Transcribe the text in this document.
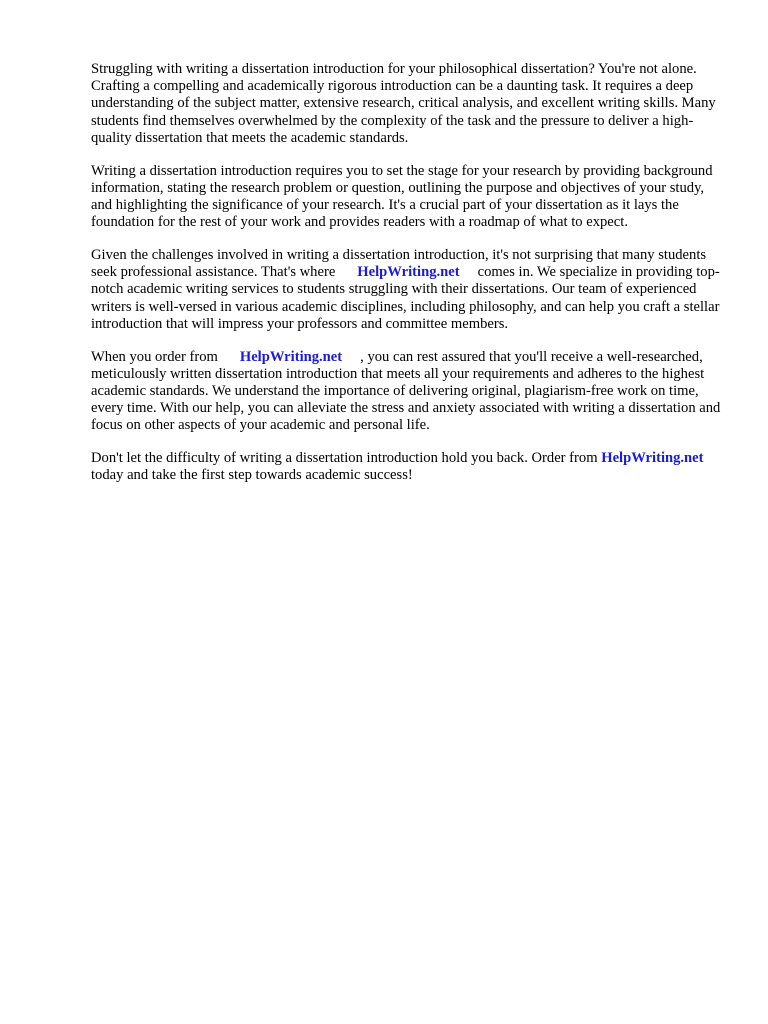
Struggling with writing a dissertation introduction for your philosophical dissertation? You're not alone. Crafting a compelling and academically rigorous introduction can be a daunting task. It requires a deep understanding of the subject matter, extensive research, critical analysis, and excellent writing skills. Many students find themselves overwhelmed by the complexity of the task and the pressure to deliver a high-quality dissertation that meets the academic standards.

Writing a dissertation introduction requires you to set the stage for your research by providing background information, stating the research problem or question, outlining the purpose and objectives of your study, and highlighting the significance of your research. It's a crucial part of your dissertation as it lays the foundation for the rest of your work and provides readers with a roadmap of what to expect.

Given the challenges involved in writing a dissertation introduction, it's not surprising that many students seek professional assistance. That's where HelpWriting.net comes in. We specialize in providing top-notch academic writing services to students struggling with their dissertations. Our team of experienced writers is well-versed in various academic disciplines, including philosophy, and can help you craft a stellar introduction that will impress your professors and committee members.

When you order from HelpWriting.net , you can rest assured that you'll receive a well-researched, meticulously written dissertation introduction that meets all your requirements and adheres to the highest academic standards. We understand the importance of delivering original, plagiarism-free work on time, every time. With our help, you can alleviate the stress and anxiety associated with writing a dissertation and focus on other aspects of your academic and personal life.

Don't let the difficulty of writing a dissertation introduction hold you back. Order from HelpWriting.nettoday and take the first step towards academic success!
